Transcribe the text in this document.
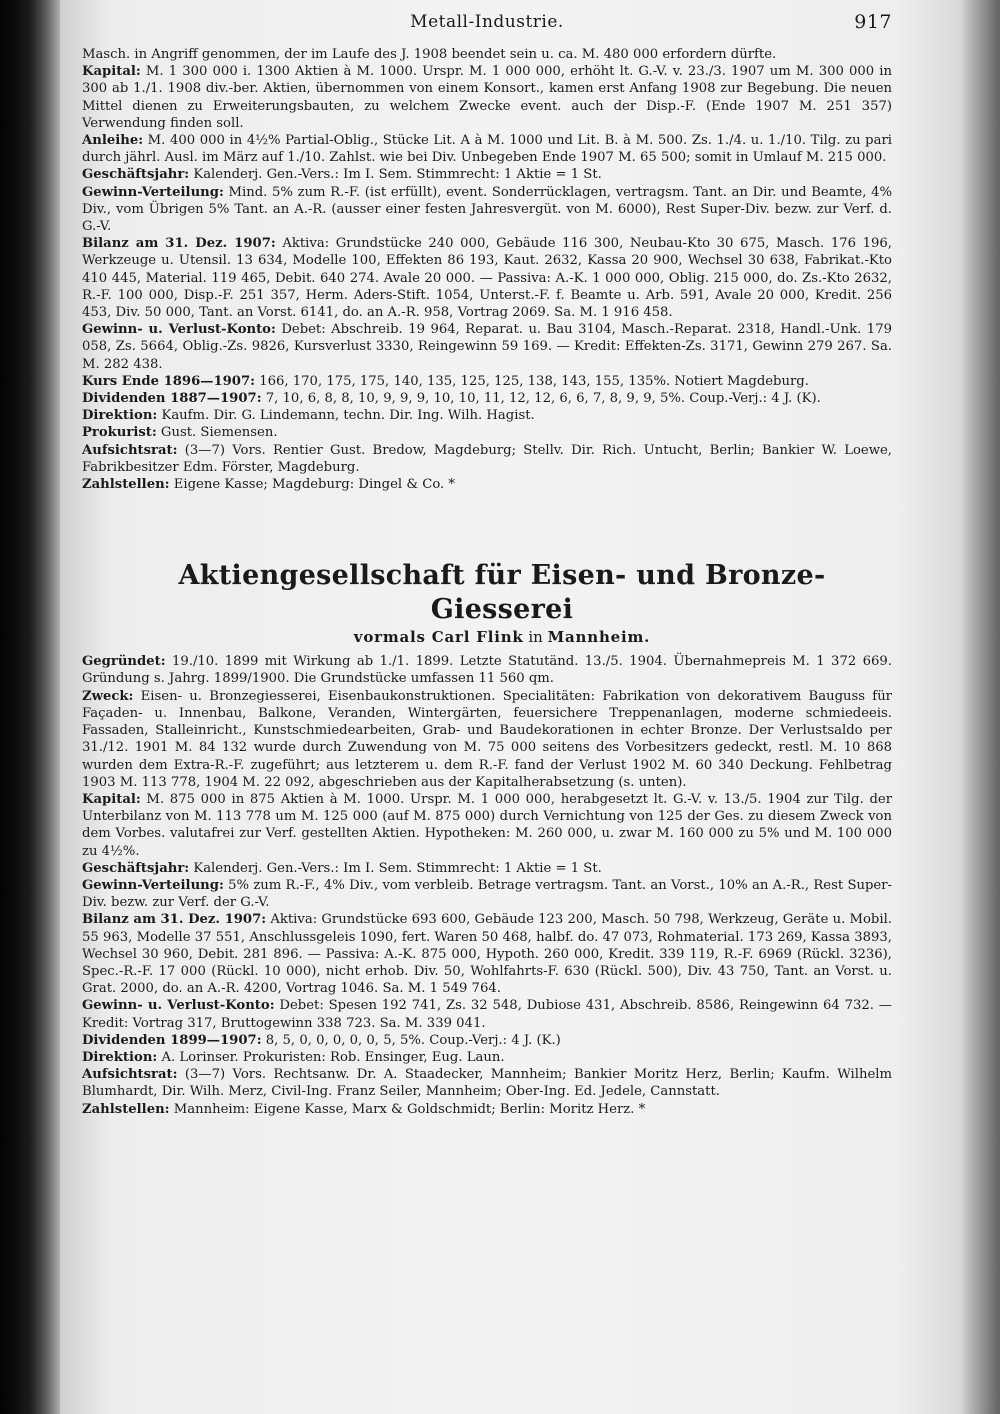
Metall-Industrie.	917

Masch. in Angriff genommen, der im Laufe des J. 1908 beendet sein u. ca. M. 480 000 erfordern dürfte.

Kapital: M. 1 300 000 i. 1300 Aktien à M. 1000. Urspr. M. 1 000 000, erhöht lt. G.-V. v. 23./3. 1907 um M. 300 000 in 300 ab 1./1. 1908 div.-ber. Aktien, übernommen von einem Konsort., kamen erst Anfang 1908 zur Begebung. Die neuen Mittel dienen zu Erweiterungsbauten, zu welchem Zwecke event. auch der Disp.-F. (Ende 1907 M. 251 357) Verwendung finden soll.

Anleihe: M. 400 000 in 4½% Partial-Oblig., Stücke Lit. A à M. 1000 und Lit. B. à M. 500. Zs. 1./4. u. 1./10. Tilg. zu pari durch jährl. Ausl. im März auf 1./10. Zahlst. wie bei Div. Unbegeben Ende 1907 M. 65 500; somit in Umlauf M. 215 000.

Geschäftsjahr: Kalenderj. Gen.-Vers.: Im I. Sem. Stimmrecht: 1 Aktie = 1 St.

Gewinn-Verteilung: Mind. 5% zum R.-F. (ist erfüllt), event. Sonderrücklagen, vertragsm. Tant. an Dir. und Beamte, 4% Div., vom Übrigen 5% Tant. an A.-R. (ausser einer festen Jahresvergüt. von M. 6000), Rest Super-Div. bezw. zur Verf. d. G.-V.

Bilanz am 31. Dez. 1907: Aktiva: Grundstücke 240 000, Gebäude 116 300, Neubau-Kto 30 675, Masch. 176 196, Werkzeuge u. Utensil. 13 634, Modelle 100, Effekten 86 193, Kaut. 2632, Kassa 20 900, Wechsel 30 638, Fabrikat.-Kto 410 445, Material. 119 465, Debit. 640 274. Avale 20 000. — Passiva: A.-K. 1 000 000, Oblig. 215 000, do. Zs.-Kto 2632, R.-F. 100 000, Disp.-F. 251 357, Herm. Aders-Stift. 1054, Unterst.-F. f. Beamte u. Arb. 591, Avale 20 000, Kredit. 256 453, Div. 50 000, Tant. an Vorst. 6141, do. an A.-R. 958, Vortrag 2069. Sa. M. 1 916 458.

Gewinn- u. Verlust-Konto: Debet: Abschreib. 19 964, Reparat. u. Bau 3104, Masch.-Reparat. 2318, Handl.-Unk. 179 058, Zs. 5664, Oblig.-Zs. 9826, Kursverlust 3330, Reingewinn 59 169. — Kredit: Effekten-Zs. 3171, Gewinn 279 267. Sa. M. 282 438.

Kurs Ende 1896—1907: 166, 170, 175, 175, 140, 135, 125, 125, 138, 143, 155, 135%. Notiert Magdeburg.

Dividenden 1887—1907: 7, 10, 6, 8, 8, 10, 9, 9, 9, 10, 10, 11, 12, 12, 6, 6, 7, 8, 9, 9, 5%. Coup.-Verj.: 4 J. (K).

Direktion: Kaufm. Dir. G. Lindemann, techn. Dir. Ing. Wilh. Hagist.

Prokurist: Gust. Siemensen.

Aufsichtsrat: (3—7) Vors. Rentier Gust. Bredow, Magdeburg; Stellv. Dir. Rich. Untucht, Berlin; Bankier W. Loewe, Fabrikbesitzer Edm. Förster, Magdeburg.

Zahlstellen: Eigene Kasse; Magdeburg: Dingel & Co. *

Aktiengesellschaft für Eisen- und Bronze-Giesserei
vormals Carl Flink in Mannheim.

Gegründet: 19./10. 1899 mit Wirkung ab 1./1. 1899. Letzte Statutänd. 13./5. 1904. Übernahmepreis M. 1 372 669. Gründung s. Jahrg. 1899/1900. Die Grundstücke umfassen 11 560 qm.

Zweck: Eisen- u. Bronzegiesserei, Eisenbaukonstruktionen. Specialitäten: Fabrikation von dekorativem Bauguss für Façaden- u. Innenbau, Balkone, Veranden, Wintergärten, feuersichere Treppenanlagen, moderne schmiedeeis. Fassaden, Stalleinricht., Kunstschmiedearbeiten, Grab- und Baudekorationen in echter Bronze. Der Verlustsaldo per 31./12. 1901 M. 84 132 wurde durch Zuwendung von M. 75 000 seitens des Vorbesitzers gedeckt, restl. M. 10 868 wurden dem Extra-R.-F. zugeführt; aus letzterem u. dem R.-F. fand der Verlust 1902 M. 60 340 Deckung. Fehlbetrag 1903 M. 113 778, 1904 M. 22 092, abgeschrieben aus der Kapitalherabsetzung (s. unten).

Kapital: M. 875 000 in 875 Aktien à M. 1000. Urspr. M. 1 000 000, herabgesetzt lt. G.-V. v. 13./5. 1904 zur Tilg. der Unterbilanz von M. 113 778 um M. 125 000 (auf M. 875 000) durch Vernichtung von 125 der Ges. zu diesem Zweck von dem Vorbes. valutafrei zur Verf. gestellten Aktien. Hypotheken: M. 260 000, u. zwar M. 160 000 zu 5% und M. 100 000 zu 4½%.

Geschäftsjahr: Kalenderj. Gen.-Vers.: Im I. Sem. Stimmrecht: 1 Aktie = 1 St.

Gewinn-Verteilung: 5% zum R.-F., 4% Div., vom verbleib. Betrage vertragsm. Tant. an Vorst., 10% an A.-R., Rest Super-Div. bezw. zur Verf. der G.-V.

Bilanz am 31. Dez. 1907: Aktiva: Grundstücke 693 600, Gebäude 123 200, Masch. 50 798, Werkzeug, Geräte u. Mobil. 55 963, Modelle 37 551, Anschlussgeleis 1090, fert. Waren 50 468, halbf. do. 47 073, Rohmaterial. 173 269, Kassa 3893, Wechsel 30 960, Debit. 281 896. — Passiva: A.-K. 875 000, Hypoth. 260 000, Kredit. 339 119, R.-F. 6969 (Rückl. 3236), Spec.-R.-F. 17 000 (Rückl. 10 000), nicht erhob. Div. 50, Wohlfahrts-F. 630 (Rückl. 500), Div. 43 750, Tant. an Vorst. u. Grat. 2000, do. an A.-R. 4200, Vortrag 1046. Sa. M. 1 549 764.

Gewinn- u. Verlust-Konto: Debet: Spesen 192 741, Zs. 32 548, Dubiose 431, Abschreib. 8586, Reingewinn 64 732. — Kredit: Vortrag 317, Bruttogewinn 338 723. Sa. M. 339 041.

Dividenden 1899—1907: 8, 5, 0, 0, 0, 0, 0, 5, 5%. Coup.-Verj.: 4 J. (K.)

Direktion: A. Lorinser. Prokuristen: Rob. Ensinger, Eug. Laun.

Aufsichtsrat: (3—7) Vors. Rechtsanw. Dr. A. Staadecker, Mannheim; Bankier Moritz Herz, Berlin; Kaufm. Wilhelm Blumhardt, Dir. Wilh. Merz, Civil-Ing. Franz Seiler, Mannheim; Ober-Ing. Ed. Jedele, Cannstatt.

Zahlstellen: Mannheim: Eigene Kasse, Marx & Goldschmidt; Berlin: Moritz Herz. *
